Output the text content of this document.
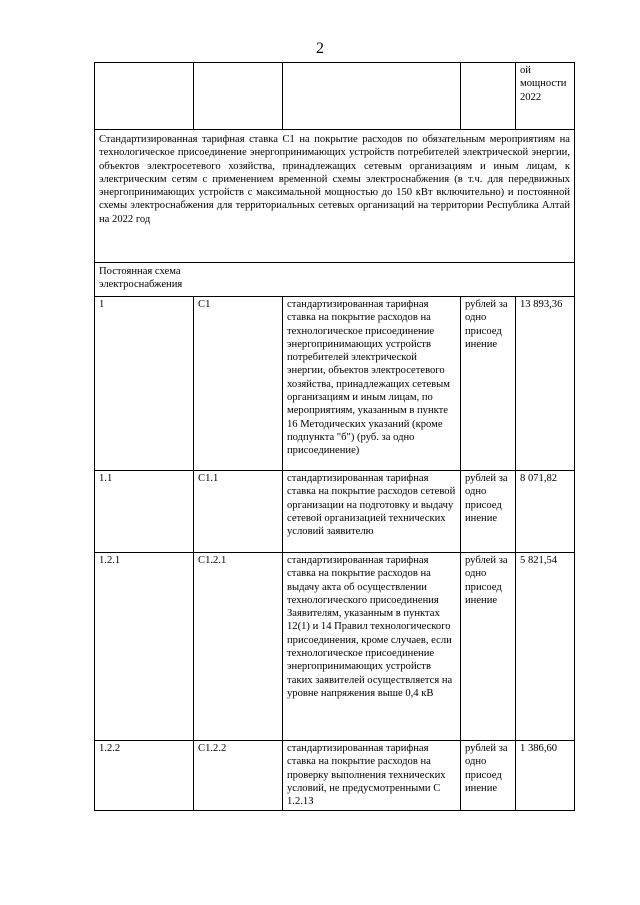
2
				ой мощности 2022
Стандартизированная тарифная ставка С1 на покрытие расходов по обязательным мероприятиям на технологическое присоединение энергопринимающих устройств потребителей электрической энергии, объектов электросетевого хозяйства, принадлежащих сетевым организациям и иным лицам, к электрическим сетям с применением временной схемы электроснабжения (в т.ч. для передвижных энергопринимающих устройств с максимальной мощностью до 150 кВт включительно) и постоянной схемы электроснабжения для территориальных сетевых организаций на территории Республика Алтай на 2022 год				
Постоянная схема электроснабжения				
1	С1	стандартизированная тарифная ставка на покрытие расходов на технологическое присоединение энергопринимающих устройств потребителей электрической энергии, объектов электросетевого хозяйства, принадлежащих сетевым организациям и иным лицам, по мероприятиям, указанным в пункте 16 Методических указаний (кроме подпункта "б") (руб. за одно присоединение)	рублей за одно присоед инение	13 893,36
1.1	С1.1	стандартизированная тарифная ставка на покрытие расходов сетевой организации на подготовку и выдачу сетевой организацией технических условий заявителю	рублей за одно присоед инение	8 071,82
1.2.1	С1.2.1	стандартизированная тарифная ставка на покрытие расходов на выдачу акта об осуществлении технологического присоединения Заявителям, указанным в пунктах 12(1) и 14 Правил технологического присоединения, кроме случаев, если технологическое присоединение энергопринимающих устройств таких заявителей осуществляется на уровне напряжения выше 0,4 кВ	рублей за одно присоед инение	5 821,54
1.2.2	С1.2.2	стандартизированная тарифная ставка на покрытие расходов на проверку выполнения технических условий, не предусмотренными С 1.2.1З	рублей за одно присоед инение	1 386,60
